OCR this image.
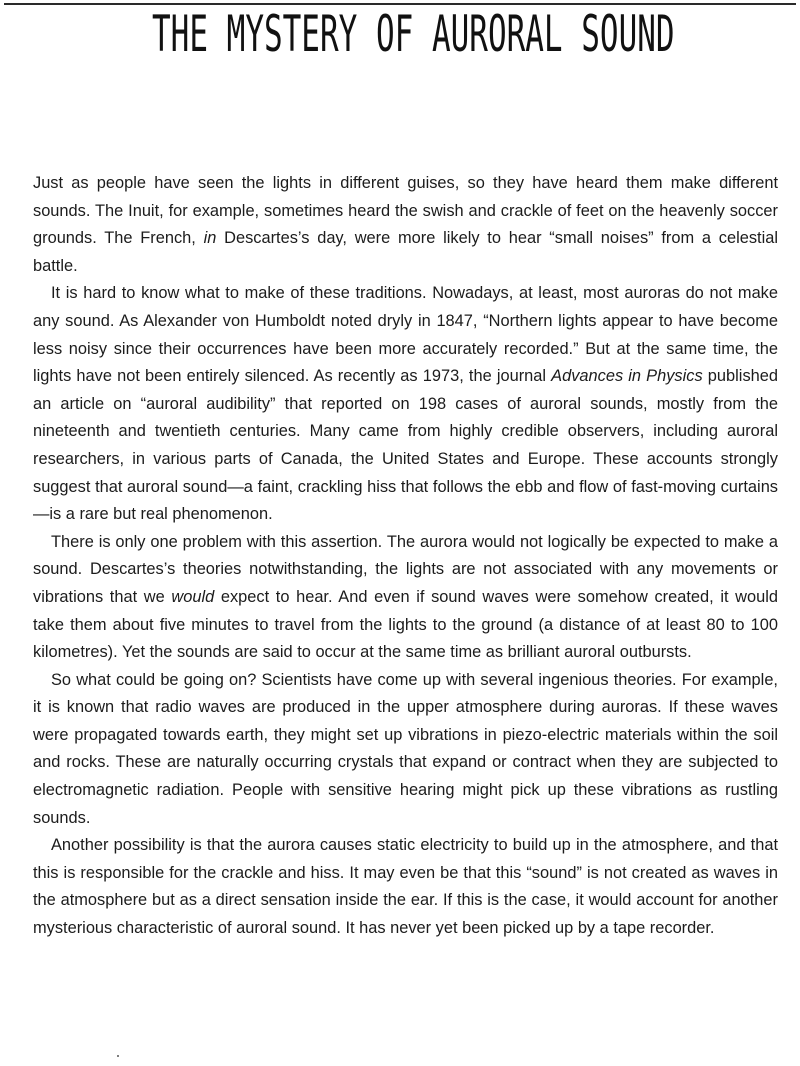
THE MYSTERY OF AURORAL SOUND

Just as people have seen the lights in different guises, so they have heard them make different sounds. The Inuit, for example, sometimes heard the swish and crackle of feet on the heavenly soccer grounds. The French, in Descartes’s day, were more likely to hear “small noises” from a celestial battle.

It is hard to know what to make of these traditions. Nowadays, at least, most auroras do not make any sound. As Alexander von Humboldt noted dryly in 1847, “Northern lights appear to have become less noisy since their occurrences have been more accurately recorded.” But at the same time, the lights have not been entirely silenced. As recently as 1973, the journal Advances in Physics published an article on “auroral audibility” that reported on 198 cases of auroral sounds, mostly from the nineteenth and twentieth centuries. Many came from highly credible observers, including auroral researchers, in various parts of Canada, the United States and Europe. These accounts strongly suggest that auroral sound—a faint, crackling hiss that follows the ebb and flow of fast-moving curtains—is a rare but real phenomenon.

There is only one problem with this assertion. The aurora would not logically be expected to make a sound. Descartes’s theories notwithstanding, the lights are not associated with any movements or vibrations that we would expect to hear. And even if sound waves were somehow created, it would take them about five minutes to travel from the lights to the ground (a distance of at least 80 to 100 kilometres). Yet the sounds are said to occur at the same time as brilliant auroral outbursts.

So what could be going on? Scientists have come up with several ingenious theories. For example, it is known that radio waves are produced in the upper atmosphere during auroras. If these waves were propagated towards earth, they might set up vibrations in piezo-electric materials within the soil and rocks. These are naturally occurring crystals that expand or contract when they are subjected to electromagnetic radiation. People with sensitive hearing might pick up these vibrations as rustling sounds.

Another possibility is that the aurora causes static electricity to build up in the atmosphere, and that this is responsible for the crackle and hiss. It may even be that this “sound” is not created as waves in the atmosphere but as a direct sensation inside the ear. If this is the case, it would account for another mysterious characteristic of auroral sound. It has never yet been picked up by a tape recorder.
